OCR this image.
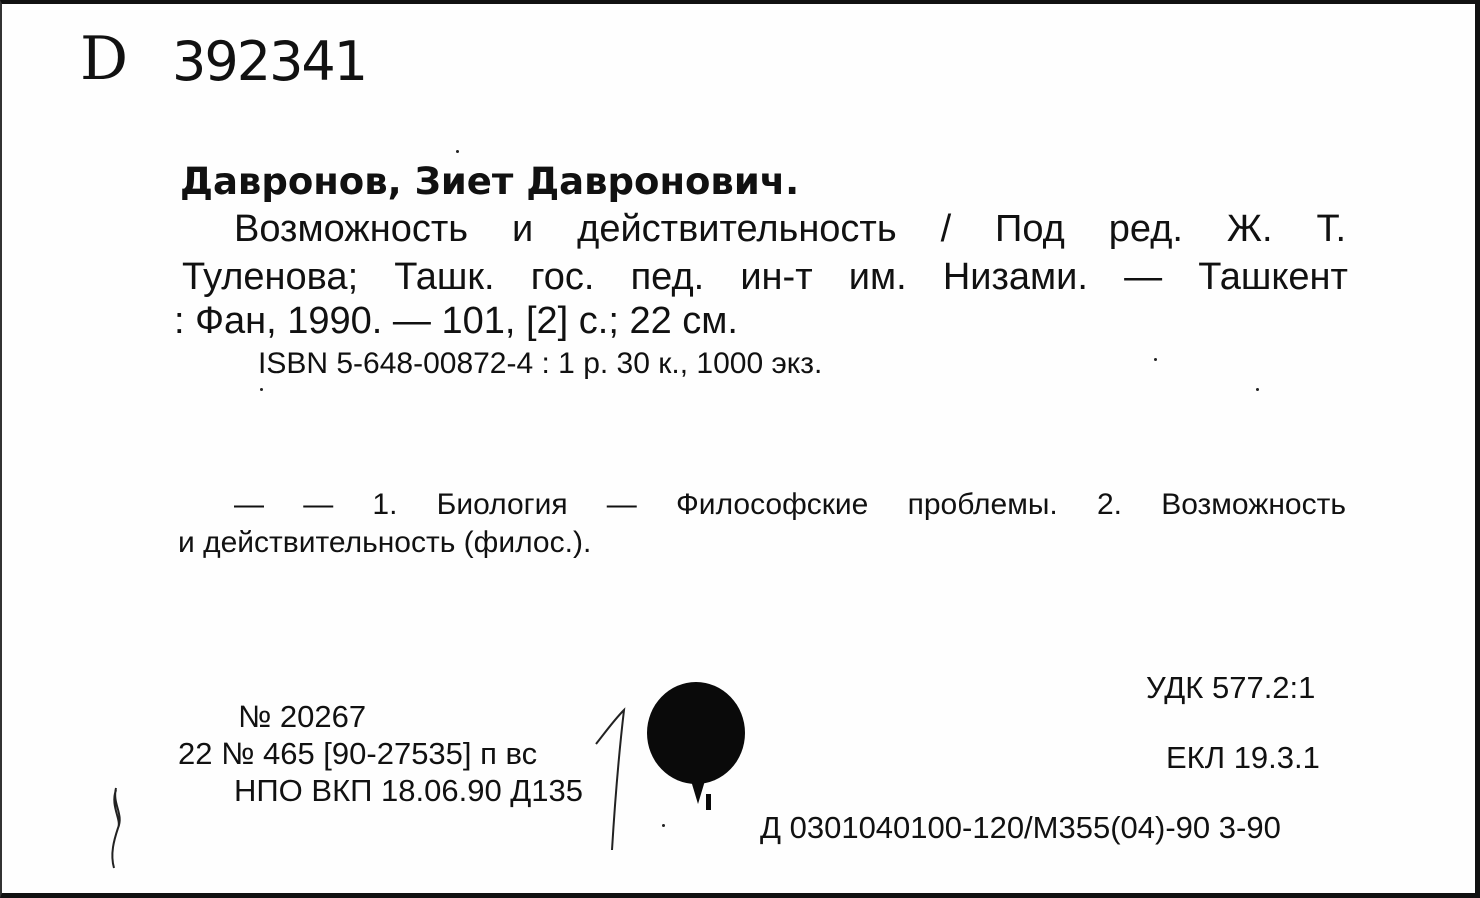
D 392341
Давронов, Зиет Давронович.
Возможность и действительность / Под ред. Ж. Т.
Туленова; Ташк. гос. пед. ин-т им. Низами. — Ташкент
: Фан, 1990. — 101, [2] с.; 22 см.
ISBN 5-648-00872-4 : 1 р. 30 к., 1000 экз.
— — 1. Биология — Философские проблемы. 2. Возможность
и действительность (филос.).
№ 20267
22 № 465 [90-27535] п вс
НПО ВКП 18.06.90 Д135
УДК 577.2:1
ЕКЛ 19.3.1
Д 0301040100-120/М355(04)-90 3-90
